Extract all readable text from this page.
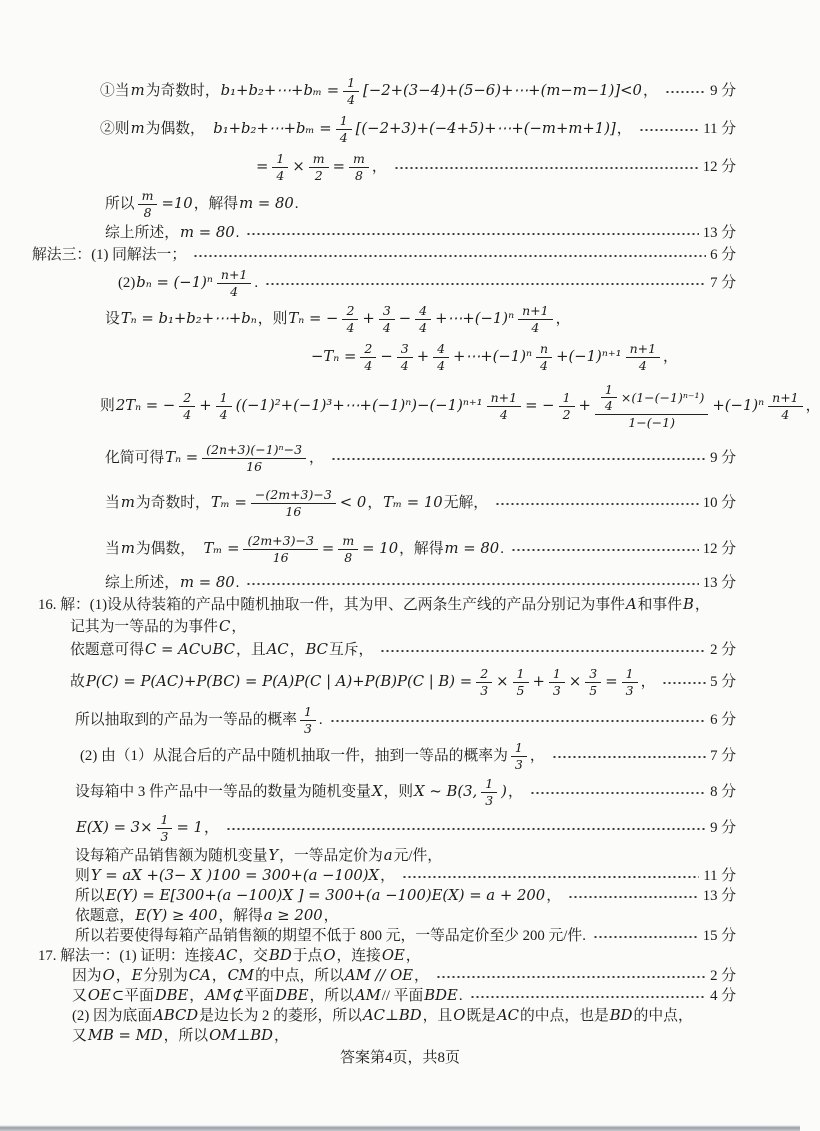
①当 m 为奇数时， b₁+b₂+⋯+bₘ = $\frac{1}{4}$ [−2+(3−4)+(5−6)+⋯+(m−m−1)]<0 ，	9 分
②则 m 为偶数，　 b₁+b₂+⋯+bₘ = $\frac{1}{4}$ [(−2+3)+(−4+5)+⋯+(−m+m+1)] ，	11 分
= $\frac{1}{4} \times \frac{m}{2} = \frac{m}{8}$ ，	12 分
所以 $\frac{m}{8} =10$ ，解得 m = 80 .
综上所述， m = 80 .	13 分
解法三：(1) 同解法一；	6 分
(2) $b_n = (-1)^n \frac{n+1}{4}$ .	7 分
设 Tₙ = b₁+b₂+⋯+bₙ ，则 Tₙ = − $\frac{2}{4} + \frac{3}{4} - \frac{4}{4}$ +⋯+(−1)ⁿ $\frac{n+1}{4}$ ，
$-T_n = \frac{2}{4} - \frac{3}{4} + \frac{4}{4}$ +⋯+(−1)ⁿ $\frac{n}{4} +(-1)^{n+1} \frac{n+1}{4}$ ，
则 2Tₙ = − $\frac{2}{4} + \frac{1}{4}$ ((−1)²+(−1)³+⋯+(−1)ⁿ)−(−1)ⁿ⁺¹ $\frac{n+1}{4}$ = − $\frac{1}{2} + \frac{\frac{1}{4} \times(1-(-1)^{n-1})}{1-(-1)} +(-1)^n \frac{n+1}{4}$ ，
化简可得 $T_n = \frac{\text{(2n+3)(−1)ⁿ−3}}{16}$ ，	9 分
当 m 为奇数时， $T_m = \frac{-(2m+3)-3}{16} < 0$ ， Tₘ = 10 无解，	10 分
当 m 为偶数，　 $T_m = \frac{(2m+3)-3}{16} = \frac{m}{8} = 10$ ，解得 m = 80 .	12 分
综上所述， m = 80 .	13 分
16. 解：(1)设从待装箱的产品中随机抽取一件，其为甲、乙两条生产线的产品分别记为事件 A 和事件 B ，
记其为一等品的为事件 C ，
依题意可得 C = AC∪BC ，且 AC ， BC 互斥，	2 分
故 P(C) = P(AC)+P(BC) = P(A)P(C | A)+P(B)P(C | $B) = \frac{2}{3} \times \frac{1}{5} + \frac{1}{3} \times \frac{3}{5} = \frac{1}{3}$ ，	5 分
所以抽取到的产品为一等品的概率 $\frac{1}{3}$ .	6 分
(2) 由（1）从混合后的产品中随机抽取一件，抽到一等品的概率为 $\frac{1}{3}$ ，	7 分
设每箱中 3 件产品中一等品的数量为随机变量 X ，则 X ~ B(3, $\frac{1}{3}$ ) ，	8 分
$E(X) = 3\times \frac{1}{3} = 1$ ，	9 分
设每箱产品销售额为随机变量 Y ，一等品定价为 a 元/件，
则 Y = aX +(3− X )100 = 300+(a −100)X ，	11 分
所以 E(Y) = E[300+(a −100)X ] = 300+(a −100)E(X) = a + 200 ，	13 分
依题意， E(Y) ≥ 400 ，解得 a ≥ 200 ，
所以若要使得每箱产品销售额的期望不低于 800 元，一等品定价至少 200 元/件.	15 分
17. 解法一：(1) 证明：连接 AC ，交 BD 于点 O ，连接 OE ，
因为 O ， E 分别为 CA ， CM 的中点，所以 AM // OE ，	2 分
又 OE ⊂平面 DBE ， AM ⊄平面 DBE ，所以 AM // 平面 BDE .	4 分
(2) 因为底面 ABCD 是边长为 2 的菱形，所以 AC⊥BD ，且 O 既是 AC 的中点，也是 BD 的中点，
又 MB = MD ，所以 OM⊥BD ，
答案第4页，共8页
